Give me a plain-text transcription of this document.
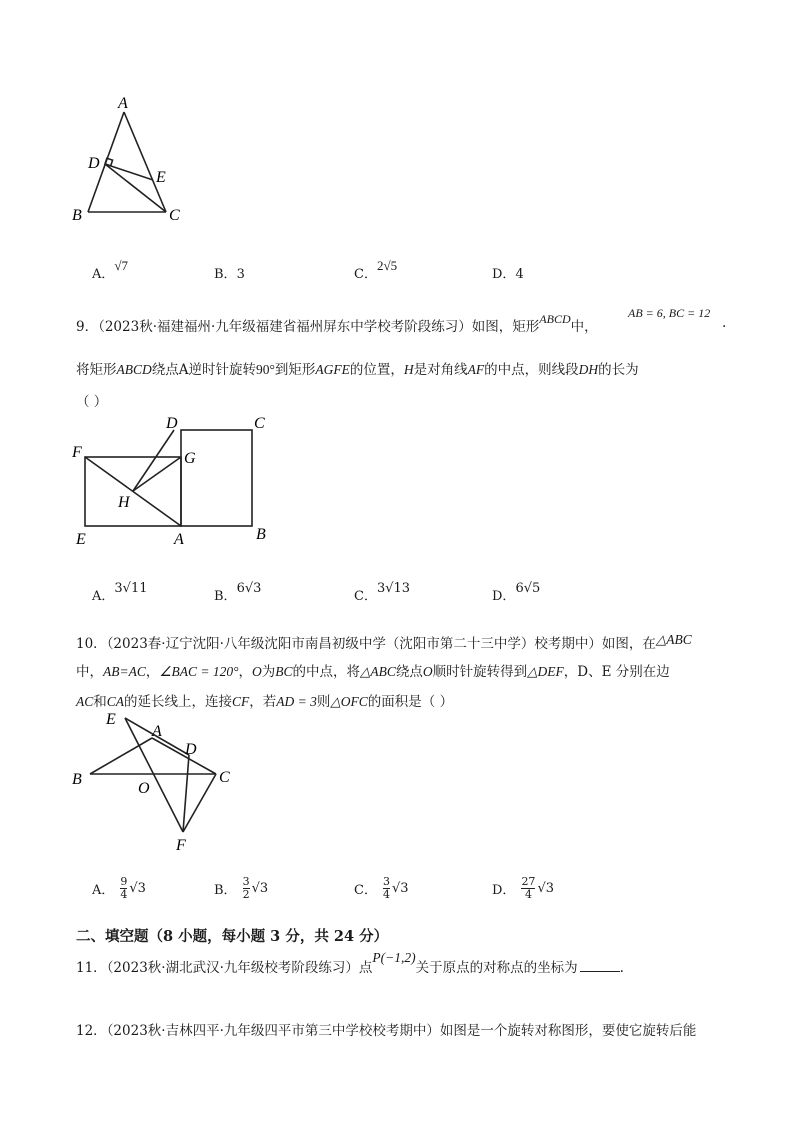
A
D
E
B	C
A．√7
B．3	C．2√5
D．4
9．（2023秋·福建福州·九年级福建省福州屏东中学校考阶段练习）如图，矩形ABCD中，
AB = 6, BC = 12
.
将矩形ABCD绕点A逆时针旋转90°到矩形AGFE的位置，H是对角线AF的中点，则线段DH的长为
（ ）
D	C
F	G
H
E	A	B
A．3√11
B．6√3
C．3√13
D．6√5
10．（2023春·辽宁沈阳·八年级沈阳市南昌初级中学（沈阳市第二十三中学）校考期中）如图，在△ABC
中，AB=AC，∠BAC = 120°，O为BC的中点，将△ABC绕点O顺时针旋转得到△DEF，D、E 分别在边
AC和CA的延长线上，连接CF，若AD = 3则△OFC的面积是（ ）
E
A
D
B
O
C
F
A． $\frac{9}{4} √3$	B． $\frac{3}{2} √3$	C． $\frac{3}{4} √3$	D． $\frac{27}{4} √3$
二、填空题（8 小题，每小题 3 分，共 24 分）
11．（2023秋·湖北武汉·九年级校考阶段练习）点P(−1,2)关于原点的对称点的坐标为	.
12．（2023秋·吉林四平·九年级四平市第三中学校校考期中）如图是一个旋转对称图形，要使它旋转后能
